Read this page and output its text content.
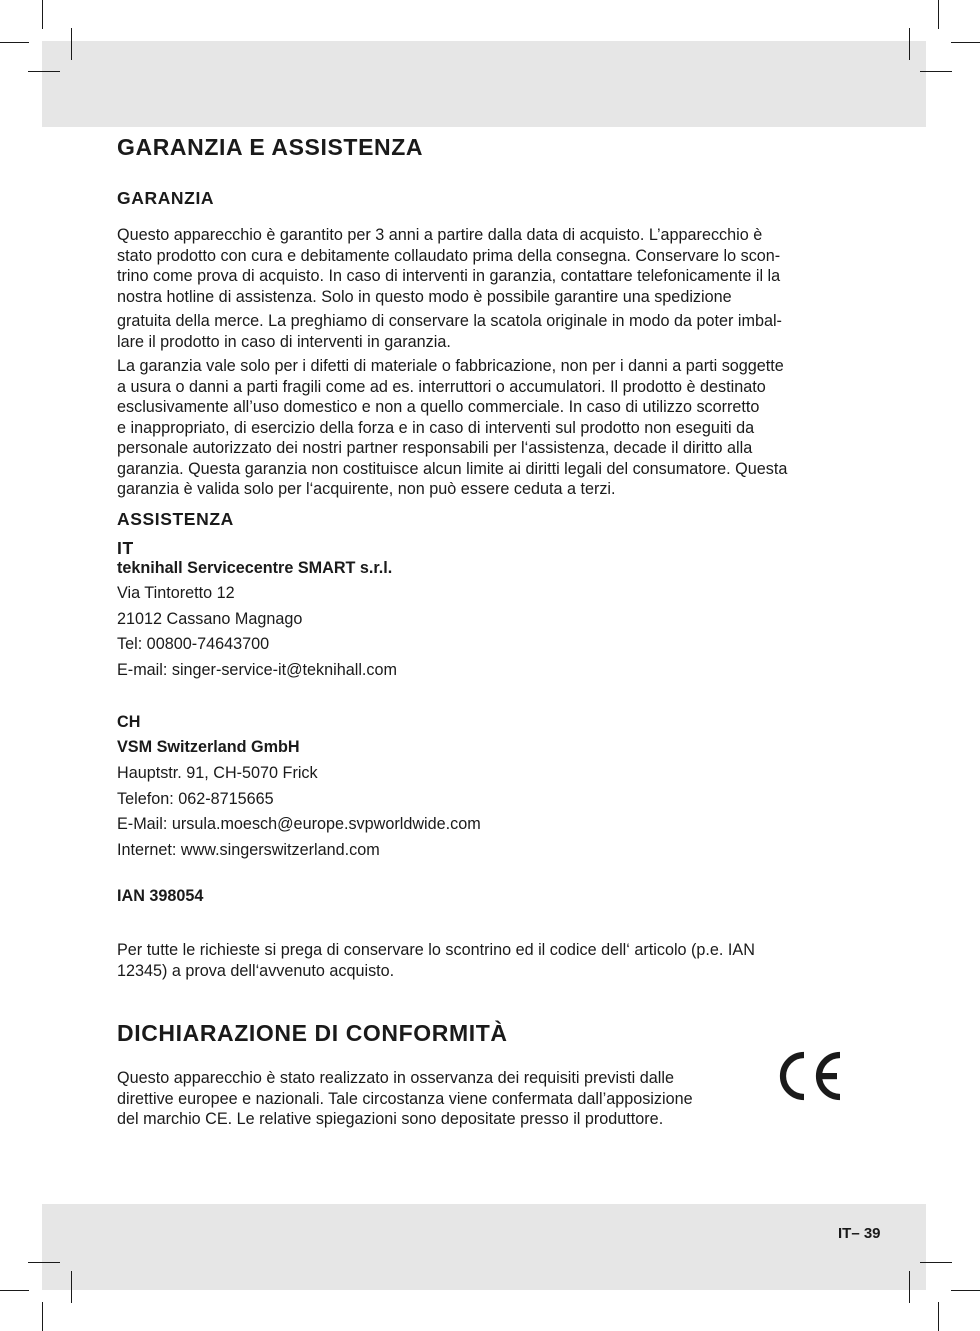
GARANZIA E ASSISTENZA
GARANZIA

Questo apparecchio è garantito per 3 anni a partire dalla data di acquisto. L’apparecchio è
stato prodotto con cura e debitamente collaudato prima della consegna. Conservare lo scon-
trino come prova di acquisto. In caso di interventi in garanzia, contattare telefonicamente il la
nostra hotline di assistenza. Solo in questo modo è possibile garantire una spedizione

gratuita della merce. La preghiamo di conservare la scatola originale in modo da poter imbal-
lare il prodotto in caso di interventi in garanzia.

La garanzia vale solo per i difetti di materiale o fabbricazione, non per i danni a parti soggette
a usura o danni a parti fragili come ad es. interruttori o accumulatori. Il prodotto è destinato
esclusivamente all’uso domestico e non a quello commerciale. In caso di utilizzo scorretto
e inappropriato, di esercizio della forza e in caso di interventi sul prodotto non eseguiti da
personale autorizzato dei nostri partner responsabili per l‘assistenza, decade il diritto alla
garanzia. Questa garanzia non costituisce alcun limite ai diritti legali del consumatore. Questa
garanzia è valida solo per l‘acquirente, non può essere ceduta a terzi.

ASSISTENZA
IT
teknihall Servicecentre SMART s.r.l.
Via Tintoretto 12
21012 Cassano Magnago
Tel: 00800-74643700
E-mail: singer-service-it@teknihall.com
CH
VSM Switzerland GmbH
Hauptstr. 91, CH-5070 Frick
Telefon: 062-8715665
E-Mail: ursula.moesch@europe.svpworldwide.com
Internet: www.singerswitzerland.com
IAN 398054

Per tutte le richieste si prega di conservare lo scontrino ed il codice dell‘ articolo (p.e. IAN
12345) a prova dell‘avvenuto acquisto.

DICHIARAZIONE DI CONFORMITÀ

Questo apparecchio è stato realizzato in osservanza dei requisiti previsti dalle
direttive europee e nazionali. Tale circostanza viene confermata dall’apposizione
del marchio CE. Le relative spiegazioni sono depositate presso il produttore.

IT– 39
